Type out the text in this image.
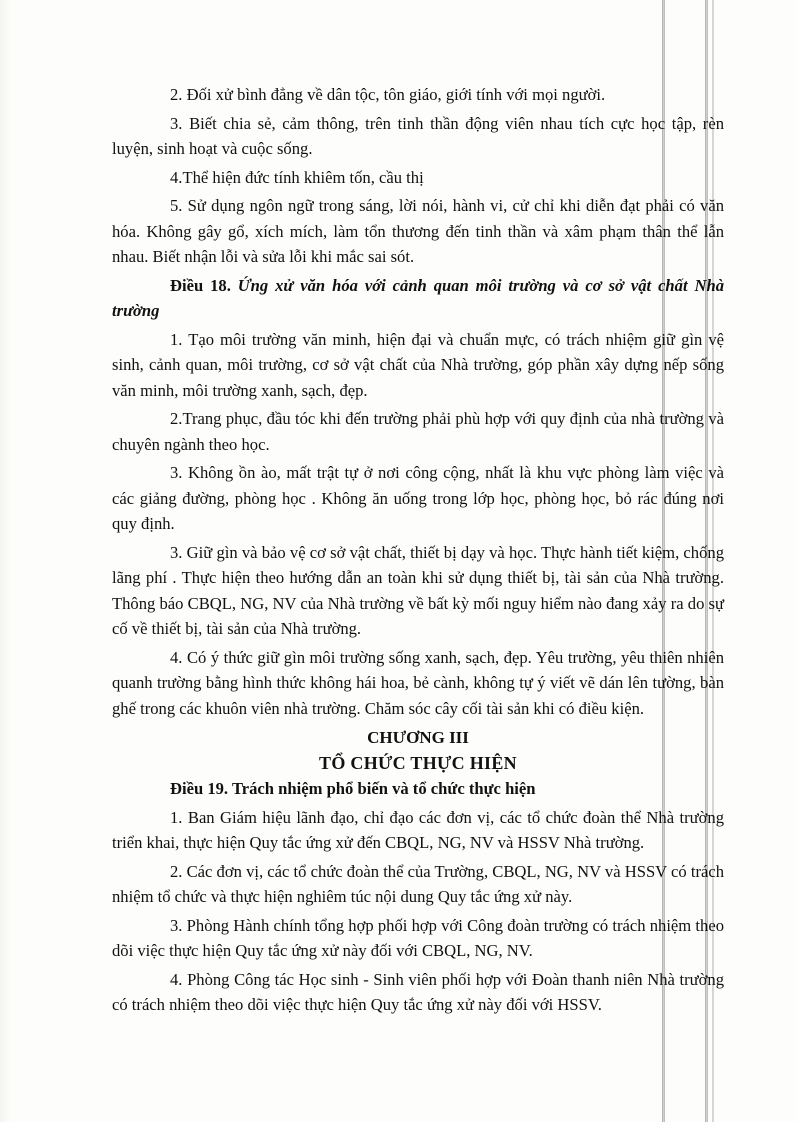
2. Đối xử bình đẳng về dân tộc, tôn giáo, giới tính với mọi người.

3. Biết chia sẻ, cảm thông, trên tinh thần động viên nhau tích cực học tập, rèn luyện, sinh hoạt và cuộc sống.

4.Thể hiện đức tính khiêm tốn, cầu thị

5. Sử dụng ngôn ngữ trong sáng, lời nói, hành vi, cử chỉ khi diễn đạt phải có văn hóa. Không gây gổ, xích mích, làm tổn thương đến tinh thần và xâm phạm thân thể lẫn nhau. Biết nhận lỗi và sửa lỗi khi mắc sai sót.

Điều 18. Ứng xử văn hóa với cảnh quan môi trường và cơ sở vật chất Nhà trường

1. Tạo môi trường văn minh, hiện đại và chuẩn mực, có trách nhiệm giữ gìn vệ sinh, cảnh quan, môi trường, cơ sở vật chất của Nhà trường, góp phần xây dựng nếp sống văn minh, môi trường xanh, sạch, đẹp.

2.Trang phục, đầu tóc khi đến trường phải phù hợp với quy định của nhà trường và chuyên ngành theo học.

3. Không ồn ào, mất trật tự ở nơi công cộng, nhất là khu vực phòng làm việc và các giảng đường, phòng học . Không ăn uống trong lớp học, phòng học, bỏ rác đúng nơi quy định.

3. Giữ gìn và bảo vệ cơ sở vật chất, thiết bị dạy và học. Thực hành tiết kiệm, chống lãng phí . Thực hiện theo hướng dẫn an toàn khi sử dụng thiết bị, tài sản của Nhà trường. Thông báo CBQL, NG, NV của Nhà trường về bất kỳ mối nguy hiểm nào đang xảy ra do sự cố về thiết bị, tài sản của Nhà trường.

4. Có ý thức giữ gìn môi trường sống xanh, sạch, đẹp. Yêu trường, yêu thiên nhiên quanh trường bằng hình thức không hái hoa, bẻ cành, không tự ý viết vẽ dán lên tường, bàn ghế trong các khuôn viên nhà trường. Chăm sóc cây cối tài sản khi có điều kiện.

CHƯƠNG III

TỔ CHỨC THỰC HIỆN

Điều 19. Trách nhiệm phổ biến và tổ chức thực hiện

1. Ban Giám hiệu lãnh đạo, chỉ đạo các đơn vị, các tổ chức đoàn thể Nhà trường triển khai, thực hiện Quy tắc ứng xử đến CBQL, NG, NV và HSSV Nhà trường.

2. Các đơn vị, các tổ chức đoàn thể của Trường, CBQL, NG, NV và HSSV có trách nhiệm tổ chức và thực hiện nghiêm túc nội dung Quy tắc ứng xử này.

3. Phòng Hành chính tổng hợp phối hợp với Công đoàn trường có trách nhiệm theo dõi việc thực hiện Quy tắc ứng xử này đối với CBQL, NG, NV.

4. Phòng Công tác Học sinh - Sinh viên phối hợp với Đoàn thanh niên Nhà trường có trách nhiệm theo dõi việc thực hiện Quy tắc ứng xử này đối với HSSV.
